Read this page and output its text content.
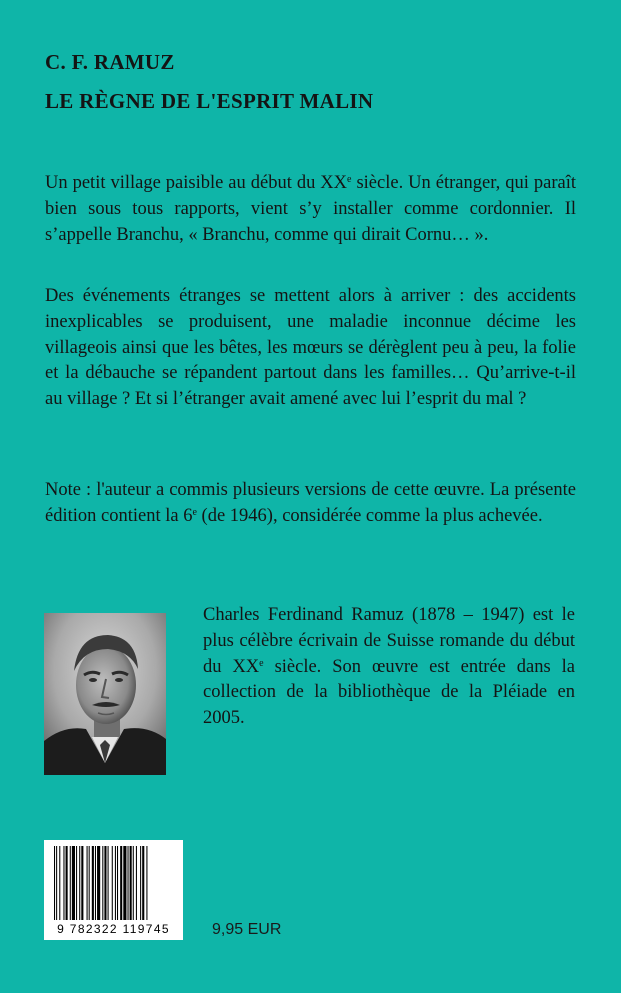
C. F. RAMUZ
LE RÈGNE DE L'ESPRIT MALIN

Un petit village paisible au début du XXe siècle. Un étranger, qui paraît bien sous tous rapports, vient s’y installer comme cordonnier. Il s’appelle Branchu, « Branchu, comme qui dirait Cornu… ».

Des événements étranges se mettent alors à arriver : des accidents inexplicables se produisent, une maladie inconnue décime les villageois ainsi que les bêtes, les mœurs se dérèglent peu à peu, la folie et la débauche se répandent partout dans les familles… Qu’arrive-t-il au village ? Et si l’étranger avait amené avec lui l’esprit du mal ?

Note : l'auteur a commis plusieurs versions de cette œuvre. La présente édition contient la 6e (de 1946), considérée comme la plus achevée.

Charles Ferdinand Ramuz (1878 – 1947) est le plus célèbre écrivain de Suisse romande du début du XXe siècle. Son œuvre est entrée dans la collection de la bibliothèque de la Pléiade en 2005.

9 782322 119745	9,95 EUR
